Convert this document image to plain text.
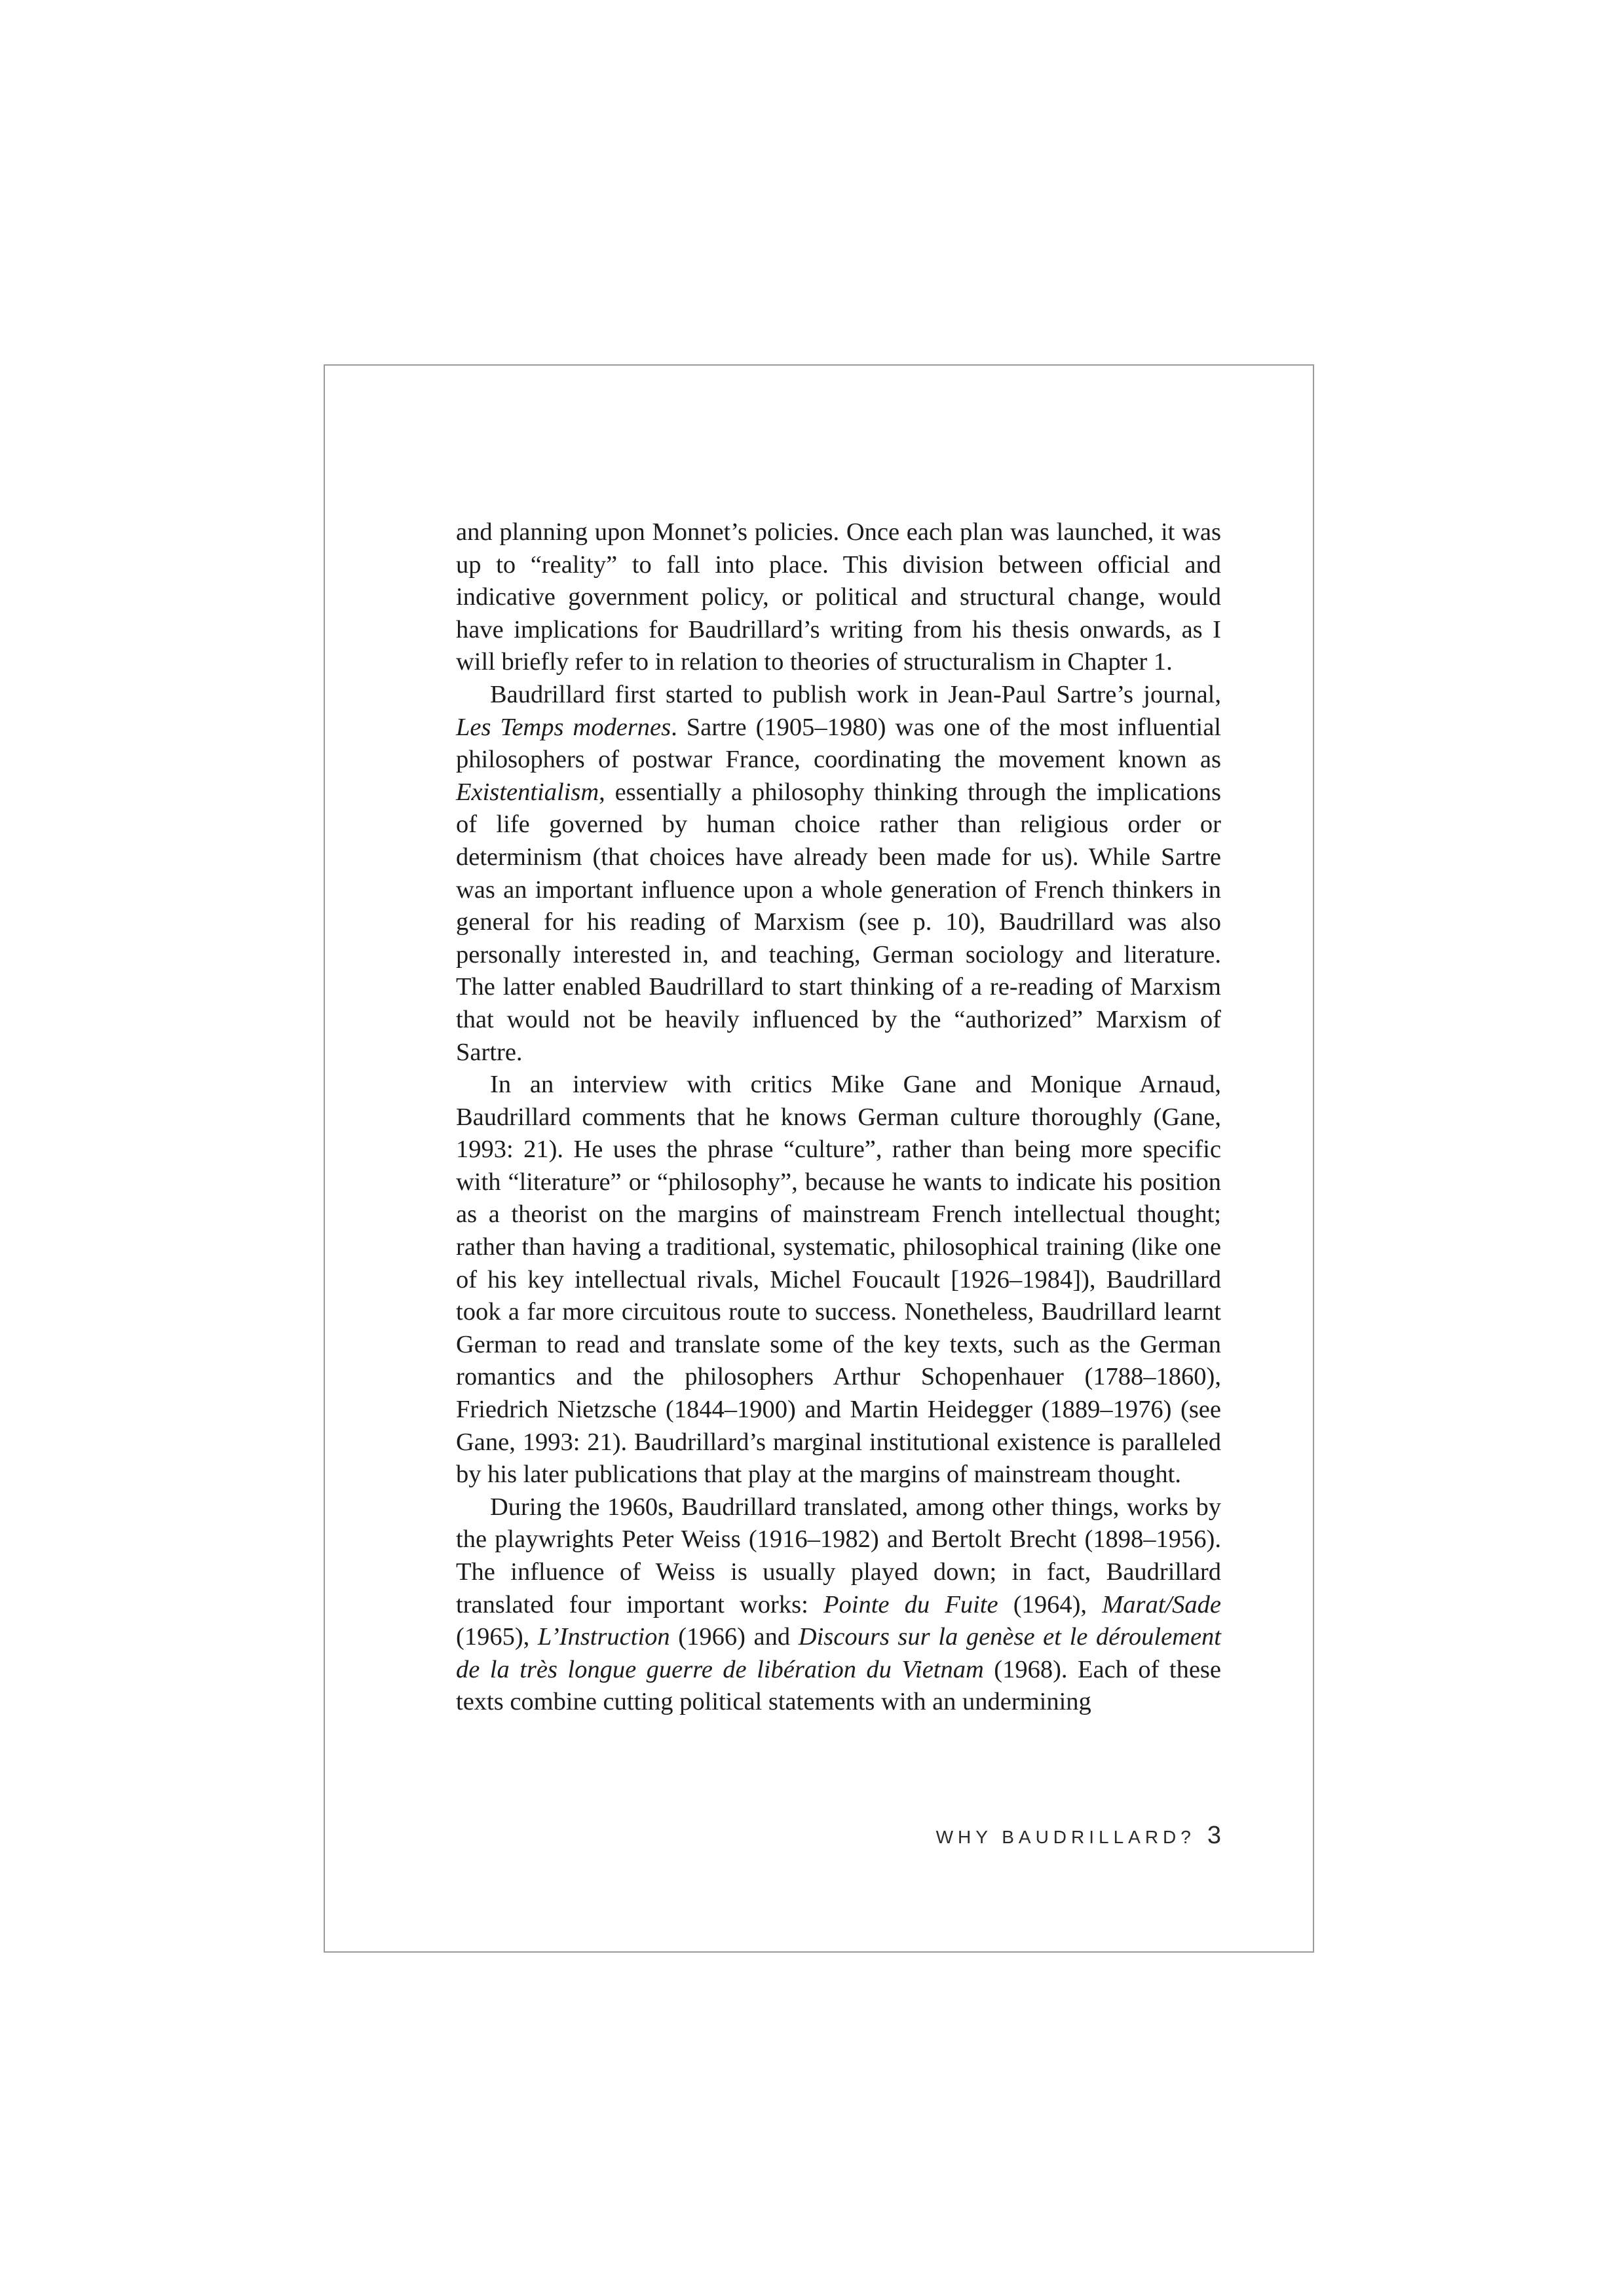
and planning upon Monnet’s policies. Once each plan was launched, it was up to “reality” to fall into place. This division between official and indicative government policy, or political and structural change, would have implications for Baudrillard’s writing from his thesis onwards, as I will briefly refer to in relation to theories of structuralism in Chapter 1.

Baudrillard first started to publish work in Jean-Paul Sartre’s journal, Les Temps modernes. Sartre (1905–1980) was one of the most influential philosophers of postwar France, coordinating the movement known as Existentialism, essentially a philosophy thinking through the implications of life governed by human choice rather than religious order or determinism (that choices have already been made for us). While Sartre was an important influence upon a whole generation of French thinkers in general for his reading of Marxism (see p. 10), Baudrillard was also personally interested in, and teaching, German sociology and literature. The latter enabled Baudrillard to start thinking of a re-reading of Marxism that would not be heavily influenced by the “authorized” Marxism of Sartre.

In an interview with critics Mike Gane and Monique Arnaud, Baudrillard comments that he knows German culture thoroughly (Gane, 1993: 21). He uses the phrase “culture”, rather than being more specific with “literature” or “philosophy”, because he wants to indicate his position as a theorist on the margins of mainstream French intellectual thought; rather than having a traditional, systematic, philosophical training (like one of his key intellectual rivals, Michel Foucault [1926–1984]), Baudrillard took a far more circuitous route to success. Nonetheless, Baudrillard learnt German to read and translate some of the key texts, such as the German romantics and the philosophers Arthur Schopenhauer (1788–1860), Friedrich Nietzsche (1844–1900) and Martin Heidegger (1889–1976) (see Gane, 1993: 21). Baudrillard’s marginal institutional existence is paralleled by his later publications that play at the margins of mainstream thought.

During the 1960s, Baudrillard translated, among other things, works by the playwrights Peter Weiss (1916–1982) and Bertolt Brecht (1898–1956). The influence of Weiss is usually played down; in fact, Baudrillard translated four important works: Pointe du Fuite (1964), Marat/Sade (1965), L’Instruction (1966) and Discours sur la genèse et le déroulement de la très longue guerre de libération du Vietnam (1968). Each of these texts combine cutting political statements with an undermining

WHY BAUDRILLARD? 3
